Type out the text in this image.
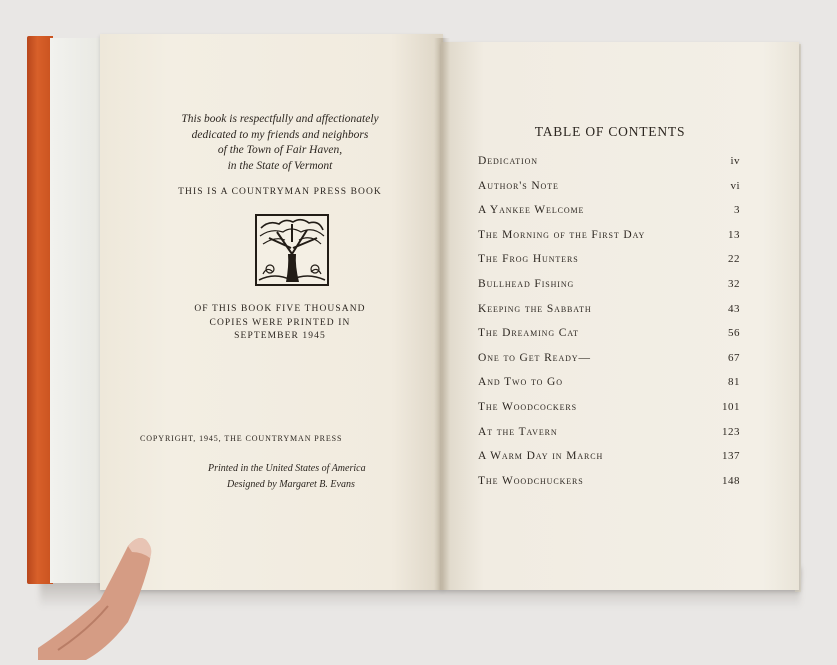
This book is respectfully and affectionately
dedicated to my friends and neighbors
of the Town of Fair Haven,
in the State of Vermont
THIS IS A COUNTRYMAN PRESS BOOK
OF THIS BOOK FIVE THOUSAND
COPIES WERE PRINTED IN
SEPTEMBER 1945
COPYRIGHT, 1945, THE COUNTRYMAN PRESS
Printed in the United States of America
Designed by Margaret B. Evans
TABLE OF CONTENTS
Dedication	iv
Author's Note	vi
A Yankee Welcome	3
The Morning of the First Day	13
The Frog Hunters	22
Bullhead Fishing	32
Keeping the Sabbath	43
The Dreaming Cat	56
One to Get Ready—	67
And Two to Go	81
The Woodcockers	101
At the Tavern	123
A Warm Day in March	137
The Woodchuckers	148
